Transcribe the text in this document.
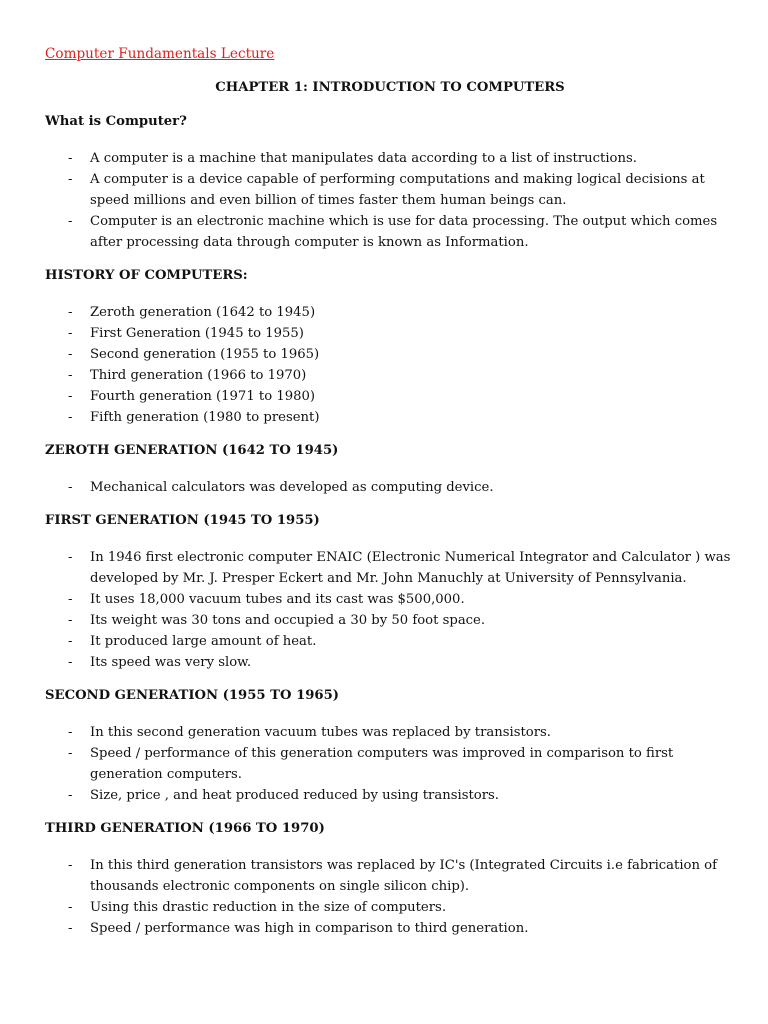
Computer Fundamentals Lecture
CHAPTER 1: INTRODUCTION TO COMPUTERS
What is Computer?
- A computer is a machine that manipulates data according to a list of instructions.
- A computer is a device capable of performing computations and making logical decisions at speed millions and even billion of times faster them human beings can.
- Computer is an electronic machine which is use for data processing. The output which comes after processing data through computer is known as Information.
HISTORY OF COMPUTERS:
- Zeroth generation (1642 to 1945)
- First Generation (1945 to 1955)
- Second generation (1955 to 1965)
- Third generation (1966 to 1970)
- Fourth generation (1971 to 1980)
- Fifth generation (1980 to present)
ZEROTH GENERATION (1642 TO 1945)
- Mechanical calculators was developed as computing device.
FIRST GENERATION (1945 TO 1955)
- In 1946 first electronic computer ENAIC (Electronic Numerical Integrator and Calculator ) was developed by Mr. J. Presper Eckert and Mr. John Manuchly at University of Pennsylvania.
- It uses 18,000 vacuum tubes and its cast was $500,000.
- Its weight was 30 tons and occupied a 30 by 50 foot space.
- It produced large amount of heat.
- Its speed was very slow.
SECOND GENERATION (1955 TO 1965)
- In this second generation vacuum tubes was replaced by transistors.
- Speed / performance of this generation computers was improved in comparison to first generation computers.
- Size, price , and heat produced reduced by using transistors.
THIRD GENERATION (1966 TO 1970)
- In this third generation transistors was replaced by IC's (Integrated Circuits i.e fabrication of thousands electronic components on single silicon chip).
- Using this drastic reduction in the size of computers.
- Speed / performance was high in comparison to third generation.
